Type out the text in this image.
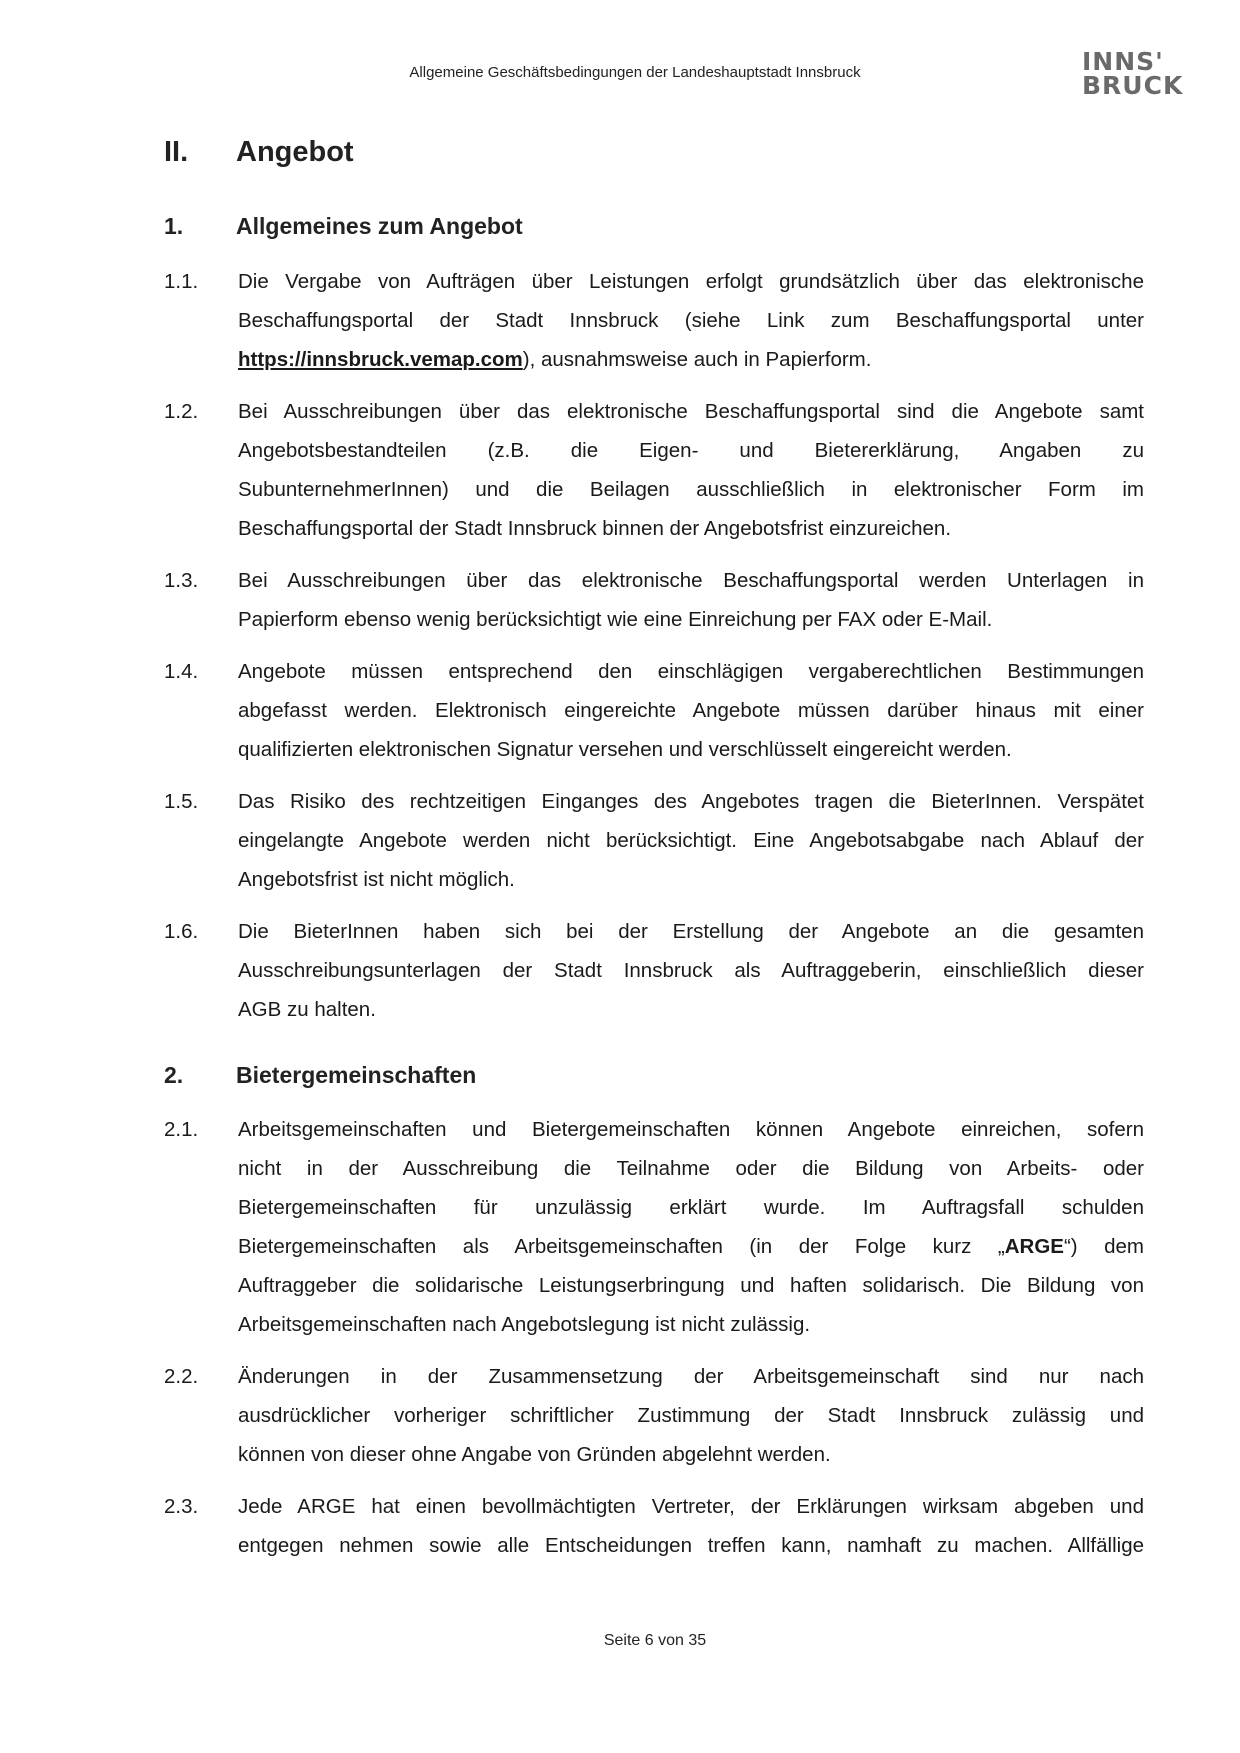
Allgemeine Geschäftsbedingungen der Landeshauptstadt Innsbruck	INNS'
BRUCK
II. Angebot
1. Allgemeines zum Angebot
1.1. Die Vergabe von Aufträgen über Leistungen erfolgt grundsätzlich über das elektronische
Beschaffungsportal der Stadt Innsbruck (siehe Link zum Beschaffungsportal unter
https://innsbruck.vemap.com), ausnahmsweise auch in Papierform.
1.2. Bei Ausschreibungen über das elektronische Beschaffungsportal sind die Angebote samt
Angebotsbestandteilen (z.B. die Eigen- und Bietererklärung, Angaben zu
SubunternehmerInnen) und die Beilagen ausschließlich in elektronischer Form im
Beschaffungsportal der Stadt Innsbruck binnen der Angebotsfrist einzureichen.
1.3. Bei Ausschreibungen über das elektronische Beschaffungsportal werden Unterlagen in
Papierform ebenso wenig berücksichtigt wie eine Einreichung per FAX oder E-Mail.
1.4. Angebote müssen entsprechend den einschlägigen vergaberechtlichen Bestimmungen
abgefasst werden. Elektronisch eingereichte Angebote müssen darüber hinaus mit einer
qualifizierten elektronischen Signatur versehen und verschlüsselt eingereicht werden.
1.5. Das Risiko des rechtzeitigen Einganges des Angebotes tragen die BieterInnen. Verspätet
eingelangte Angebote werden nicht berücksichtigt. Eine Angebotsabgabe nach Ablauf der
Angebotsfrist ist nicht möglich.
1.6. Die BieterInnen haben sich bei der Erstellung der Angebote an die gesamten
Ausschreibungsunterlagen der Stadt Innsbruck als Auftraggeberin, einschließlich dieser
AGB zu halten.
2. Bietergemeinschaften
2.1. Arbeitsgemeinschaften und Bietergemeinschaften können Angebote einreichen, sofern
nicht in der Ausschreibung die Teilnahme oder die Bildung von Arbeits- oder
Bietergemeinschaften für unzulässig erklärt wurde. Im Auftragsfall schulden
Bietergemeinschaften als Arbeitsgemeinschaften (in der Folge kurz „ARGE“) dem
Auftraggeber die solidarische Leistungserbringung und haften solidarisch. Die Bildung von
Arbeitsgemeinschaften nach Angebotslegung ist nicht zulässig.
2.2. Änderungen in der Zusammensetzung der Arbeitsgemeinschaft sind nur nach
ausdrücklicher vorheriger schriftlicher Zustimmung der Stadt Innsbruck zulässig und
können von dieser ohne Angabe von Gründen abgelehnt werden.
2.3. Jede ARGE hat einen bevollmächtigten Vertreter, der Erklärungen wirksam abgeben und
entgegen nehmen sowie alle Entscheidungen treffen kann, namhaft zu machen. Allfällige
Seite 6 von 35
